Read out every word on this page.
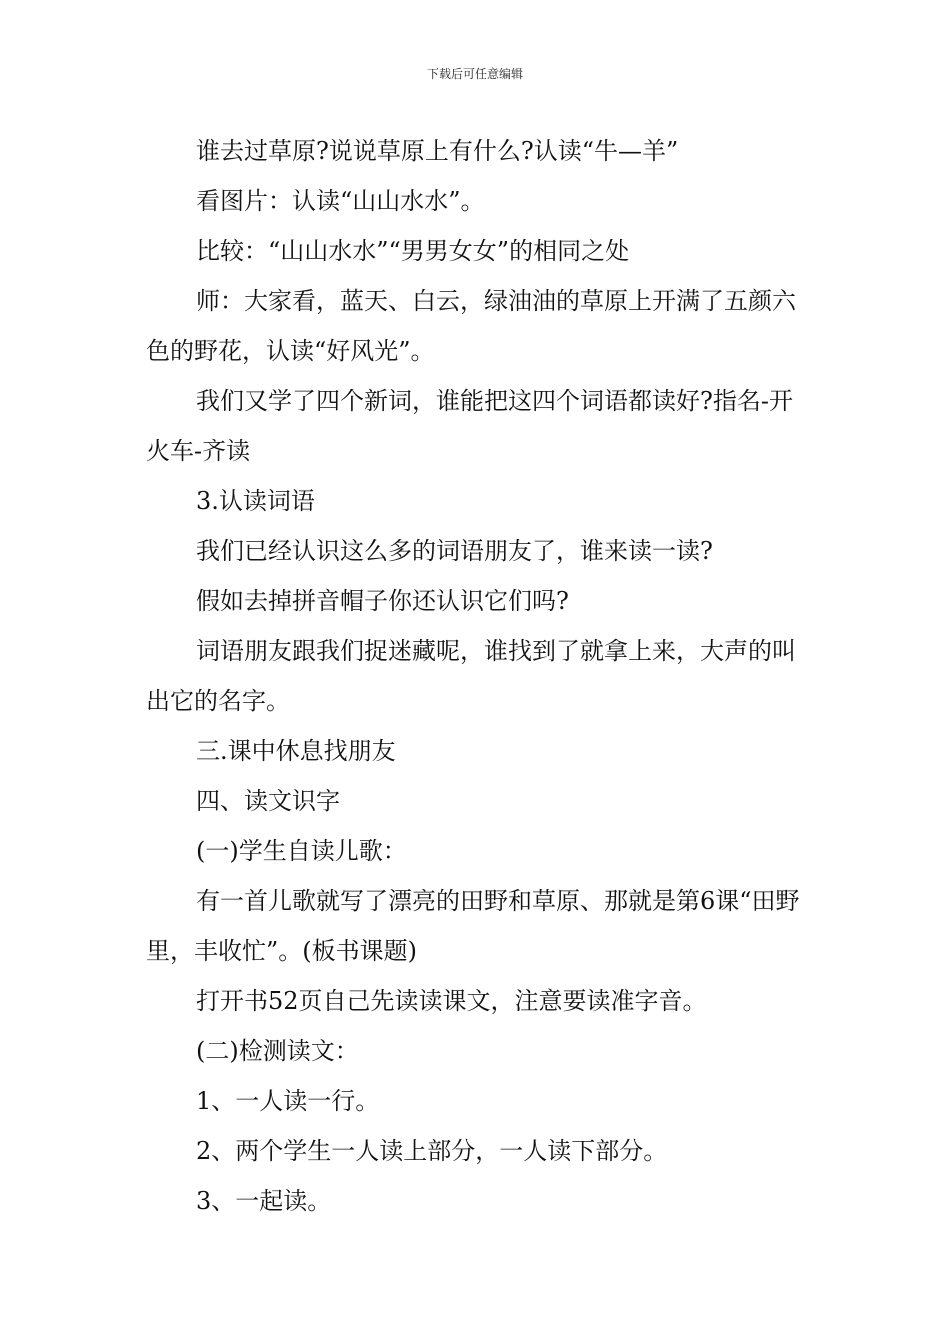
下载后可任意编辑

谁去过草原?说说草原上有什么?认读“牛—羊”

看图片：认读“山山水水”。

比较：“山山水水”“男男女女”的相同之处

师：大家看，蓝天、白云，绿油油的草原上开满了五颜六色的野花，认读“好风光”。

我们又学了四个新词，谁能把这四个词语都读好?指名-开火车-齐读

3.认读词语

我们已经认识这么多的词语朋友了，谁来读一读?

假如去掉拼音帽子你还认识它们吗?

词语朋友跟我们捉迷藏呢，谁找到了就拿上来，大声的叫出它的名字。

三.课中休息找朋友

四、读文识字

(一)学生自读儿歌：

有一首儿歌就写了漂亮的田野和草原、那就是第6课“田野里，丰收忙”。(板书课题)

打开书52页自己先读读课文，注意要读准字音。

(二)检测读文：

1、一人读一行。

2、两个学生一人读上部分，一人读下部分。

3、一起读。
